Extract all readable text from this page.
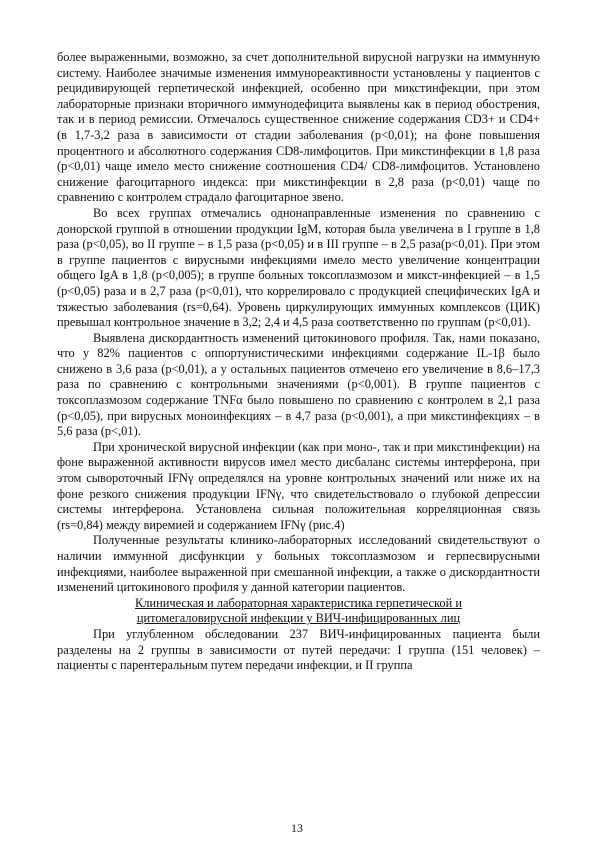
более выраженными, возможно, за счет дополнительной вирусной нагрузки на иммунную систему. Наиболее значимые изменения иммунореактивности установлены у пациентов с рецидивирующей герпетической инфекцией, особенно при микстинфекции, при этом лабораторные признаки вторичного иммунодефицита выявлены как в период обострения, так и в период ремиссии. Отмечалось существенное снижение содержания CD3+ и CD4+ (в 1,7-3,2 раза в зависимости от стадии заболевания (p<0,01); на фоне повышения процентного и абсолютного содержания CD8-лимфоцитов. При микстинфекции в 1,8 раза (p<0,01) чаще имело место снижение соотношения CD4/ CD8-лимфоцитов. Установлено снижение фагоцитарного индекса: при микстинфекции в 2,8 раза (p<0,01) чаще по сравнению с контролем страдало фагоцитарное звено.

Во всех группах отмечались однонаправленные изменения по сравнению с донорской группой в отношении продукции IgM, которая была увеличена в I группе в 1,8 раза (p<0,05), во II группе – в 1,5 раза (p<0,05) и в III группе – в 2,5 раза(p<0,01). При этом в группе пациентов с вирусными инфекциями имело место увеличение концентрации общего IgA в 1,8 (p<0,005); в группе больных токсоплазмозом и микст-инфекцией – в 1,5 (p<0,05) раза и в 2,7 раза (p<0,01), что коррелировало с продукцией специфических IgA и тяжестью заболевания (rs=0,64). Уровень циркулирующих иммунных комплексов (ЦИК) превышал контрольное значение в 3,2; 2,4 и 4,5 раза соответственно по группам (p<0,01).

Выявлена дискордантность изменений цитокинового профиля. Так, нами показано, что у 82% пациентов с оппортунистическими инфекциями содержание IL-1β было снижено в 3,6 раза (p<0,01), а у остальных пациентов отмечено его увеличение в 8,6–17,3 раза по сравнению с контрольными значениями (p<0,001). В группе пациентов с токсоплазмозом содержание TNFα было повышено по сравнению с контролем в 2,1 раза (p<0,05), при вирусных моноинфекциях – в 4,7 раза (p<0,001), а при микстинфекциях – в 5,6 раза (p<,01).

При хронической вирусной инфекции (как при моно-, так и при микстинфекции) на фоне выраженной активности вирусов имел место дисбаланс системы интерферона, при этом сывороточный IFNγ определялся на уровне контрольных значений или ниже их на фоне резкого снижения продукции IFNγ, что свидетельствовало о глубокой депрессии системы интерферона. Установлена сильная положительная корреляционная связь (rs=0,84) между виремией и содержанием IFNγ (рис.4)

Полученные результаты клинико-лабораторных исследований свидетельствуют о наличии иммунной дисфункции у больных токсоплазмозом и герпесвирусными инфекциями, наиболее выраженной при смешанной инфекции, а также о дискордантности изменений цитокинового профиля у данной категории пациентов.

Клиническая и лабораторная характеристика герпетической и цитомегаловирусной инфекции у ВИЧ-инфицированных лиц

При углубленном обследовании 237 ВИЧ-инфицированных пациента были разделены на 2 группы в зависимости от путей передачи: I группа (151 человек) – пациенты с парентеральным путем передачи инфекции, и II группа

13
